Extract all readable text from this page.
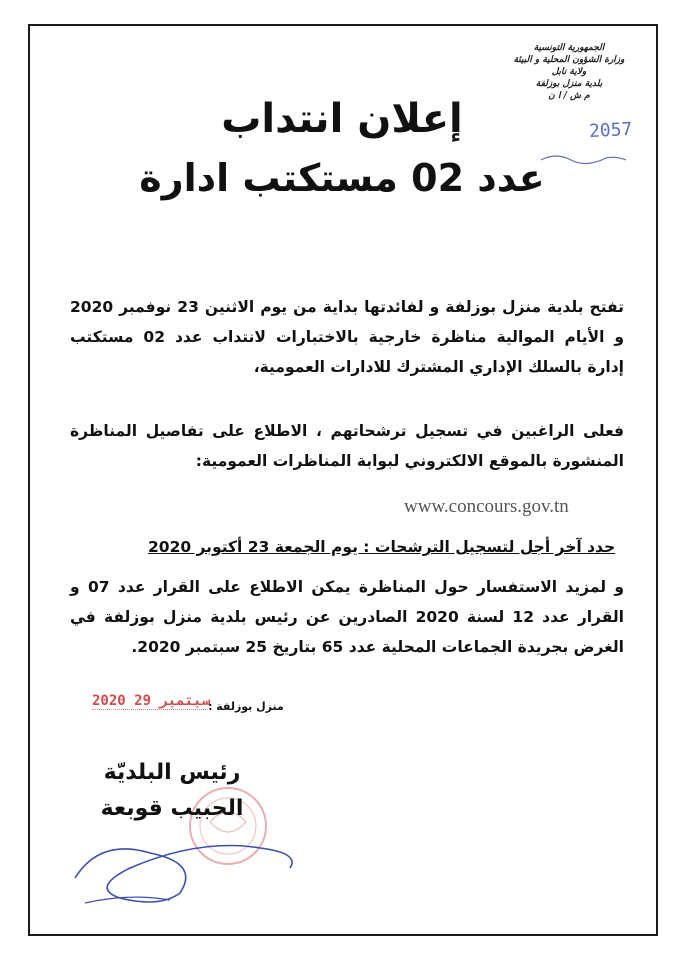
الجمهورية التونسية
وزارة الشؤون المحلية و البيئة
ولاية نابل
بلدية منزل بوزلفة
م ش / ا ن
2057
إعلان انتداب
عدد 02 مستكتب ادارة
تفتح بلدية منزل بوزلفة و لفائدتها بداية من يوم الاثنين 23 نوفمبر 2020 و الأيام الموالية مناظرة خارجية بالاختبارات لانتداب عدد 02 مستكتب إدارة بالسلك الإداري المشترك للادارات العمومية،
فعلى الراغبين في تسجيل ترشحاتهم ، الاطلاع على تفاصيل المناظرة المنشورة بالموقع الالكتروني لبوابة المناظرات العمومية:
www.concours.gov.tn
حدد آخر أجل لتسجيل الترشحات : يوم الجمعة 23 أكتوبر 2020
و لمزيد الاستفسار حول المناظرة يمكن الاطلاع على القرار عدد 07 و القرار عدد 12 لسنة 2020 الصادرين عن رئيس بلدية منزل بوزلفة في الغرض بجريدة الجماعات المحلية عدد 65 بتاريخ 25 سبتمبر 2020.
منزل بوزلفة :
2020 سبتمبر 29
رئيس البلديّة
الحبيب قوبعة
